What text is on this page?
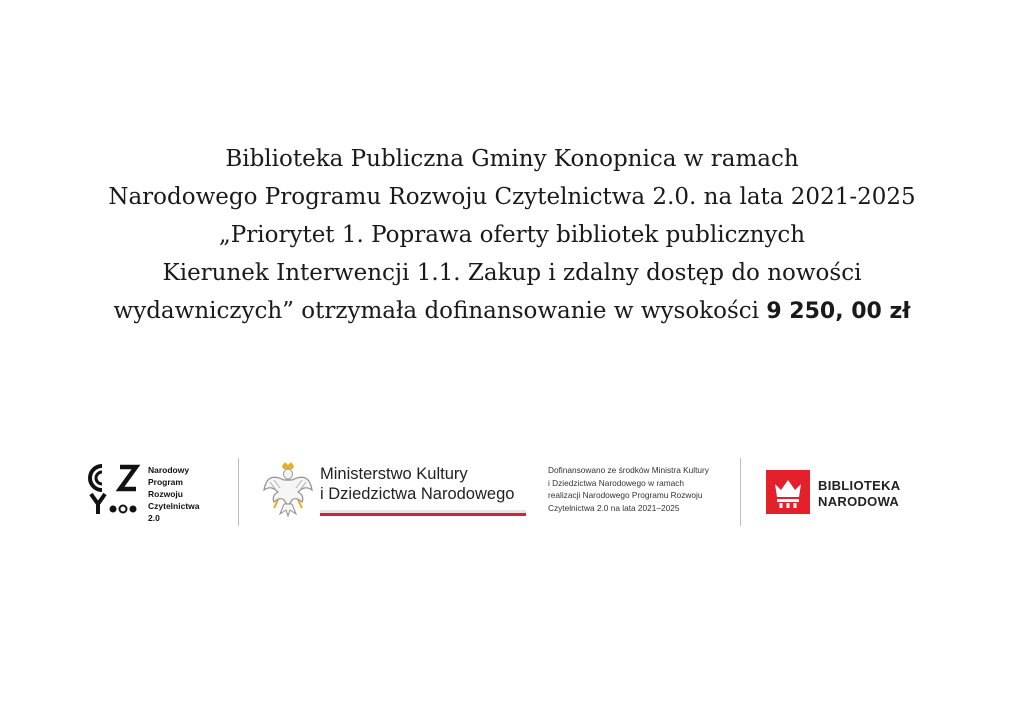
Biblioteka Publiczna Gminy Konopnica w ramach
Narodowego Programu Rozwoju Czytelnictwa 2.0. na lata 2021-2025
„Priorytet 1. Poprawa oferty bibliotek publicznych
Kierunek Interwencji 1.1. Zakup i zdalny dostęp do nowości
wydawniczych” otrzymała dofinansowanie w wysokości 9 250, 00 zł
Narodowy
Program
Rozwoju
Czytelnictwa
2.0
Ministerstwo Kultury
i Dziedzictwa Narodowego
Dofinansowano ze środków Ministra Kultury
i Dziedzictwa Narodowego w ramach
realizacji Narodowego Programu Rozwoju
Czytelnictwa 2.0 na lata 2021–2025
BIBLIOTEKA
NARODOWA
